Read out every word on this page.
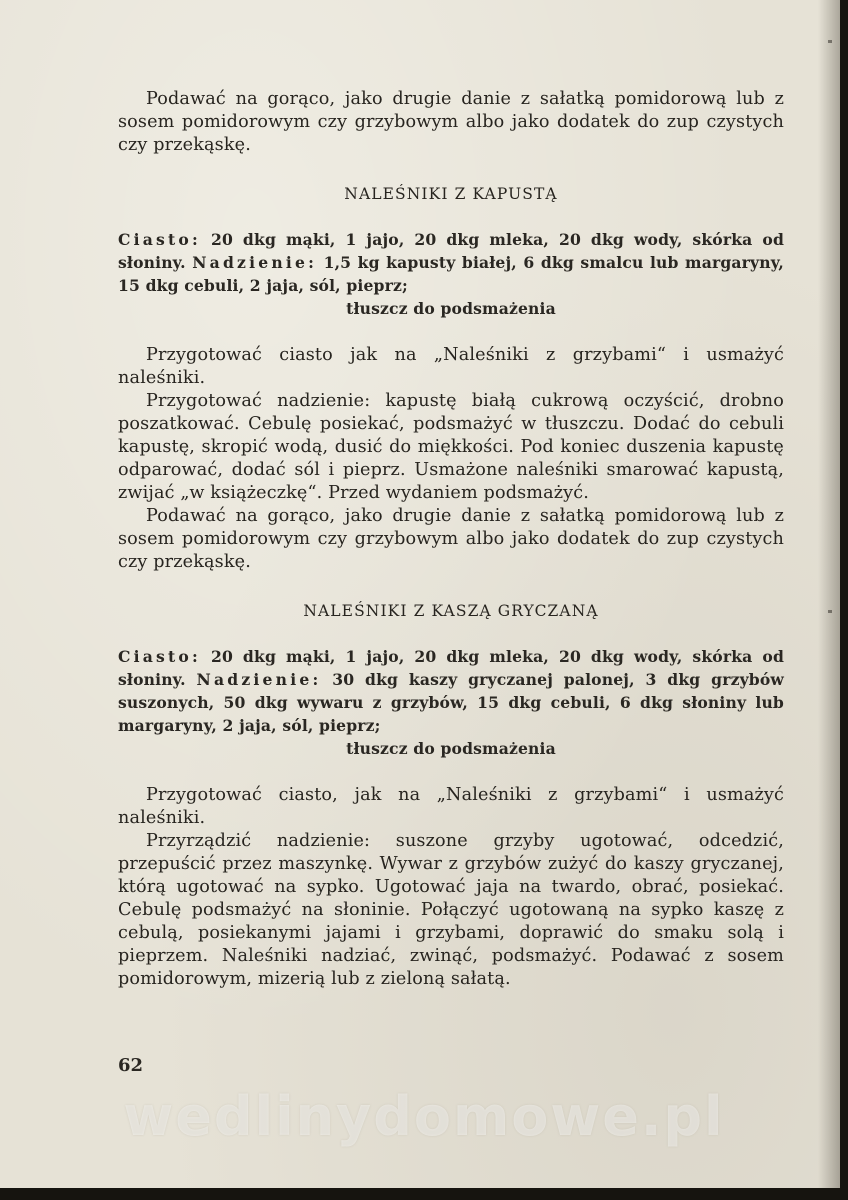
Podawać na gorąco, jako drugie danie z sałatką pomidorową lub z sosem pomidorowym czy grzybowym albo jako dodatek do zup czystych czy przekąskę.

NALEŚNIKI Z KAPUSTĄ

Ciasto: 20 dkg mąki, 1 jajo, 20 dkg mleka, 20 dkg wody, skórka od słoniny. Nadzienie: 1,5 kg kapusty białej, 6 dkg smalcu lub margaryny, 15 dkg cebuli, 2 jaja, sól, pieprz;

tłuszcz do podsmażenia

Przygotować ciasto jak na „Naleśniki z grzybami“ i usmażyć naleśniki.

Przygotować nadzienie: kapustę białą cukrową oczyścić, drobno poszatkować. Cebulę posiekać, podsmażyć w tłuszczu. Dodać do cebuli kapustę, skropić wodą, dusić do miękkości. Pod koniec duszenia kapustę odparować, dodać sól i pieprz. Usmażone naleśniki smarować kapustą, zwijać „w książeczkę“. Przed wydaniem podsmażyć.

Podawać na gorąco, jako drugie danie z sałatką pomidorową lub z sosem pomidorowym czy grzybowym albo jako dodatek do zup czystych czy przekąskę.

NALEŚNIKI Z KASZĄ GRYCZANĄ

Ciasto: 20 dkg mąki, 1 jajo, 20 dkg mleka, 20 dkg wody, skórka od słoniny. Nadzienie: 30 dkg kaszy gryczanej palonej, 3 dkg grzybów suszonych, 50 dkg wywaru z grzybów, 15 dkg cebuli, 6 dkg słoniny lub margaryny, 2 jaja, sól, pieprz;

tłuszcz do podsmażenia

Przygotować ciasto, jak na „Naleśniki z grzybami“ i usmażyć naleśniki.

Przyrządzić nadzienie: suszone grzyby ugotować, odcedzić, przepuścić przez maszynkę. Wywar z grzybów zużyć do kaszy gryczanej, którą ugotować na sypko. Ugotować jaja na twardo, obrać, posiekać. Cebulę podsmażyć na słoninie. Połączyć ugotowaną na sypko kaszę z cebulą, posiekanymi jajami i grzybami, doprawić do smaku solą i pieprzem. Naleśniki nadziać, zwinąć, podsmażyć. Podawać z sosem pomidorowym, mizerią lub z zieloną sałatą.

62
wedlinydomowe.pl
